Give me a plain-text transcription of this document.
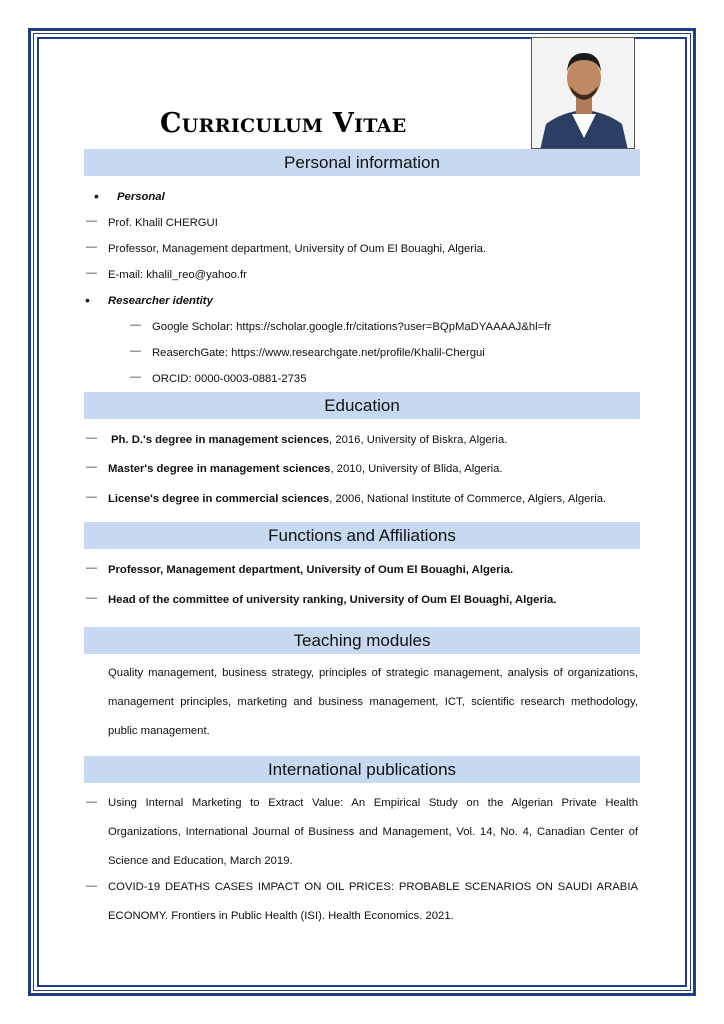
Curriculum Vitae
Personal information
• Personal
— Prof. Khalil CHERGUI
— Professor, Management department, University of Oum El Bouaghi, Algeria.
— E-mail: khalil_reo@yahoo.fr
• Researcher identity
— Google Scholar: https://scholar.google.fr/citations?user=BQpMaDYAAAAJ&hl=fr
— ReaserchGate: https://www.researchgate.net/profile/Khalil-Chergui
— ORCID: 0000-0003-0881-2735
Education
— Ph. D.'s degree in management sciences, 2016, University of Biskra, Algeria.
— Master's degree in management sciences, 2010, University of Blida, Algeria.
— License's degree in commercial sciences, 2006, National Institute of Commerce, Algiers, Algeria.
Functions and Affiliations
— Professor, Management department, University of Oum El Bouaghi, Algeria.
— Head of the committee of university ranking, University of Oum El Bouaghi, Algeria.
Teaching modules
Quality management, business strategy, principles of strategic management, analysis of organizations,
management principles, marketing and business management, ICT, scientific research methodology,
public management.
International publications
— Using Internal Marketing to Extract Value: An Empirical Study on the Algerian Private Health
Organizations, International Journal of Business and Management, Vol. 14, No. 4, Canadian Center of
Science and Education, March 2019.
— COVID-19 DEATHS CASES IMPACT ON OIL PRICES: PROBABLE SCENARIOS ON SAUDI ARABIA
ECONOMY. Frontiers in Public Health (ISI). Health Economics. 2021.
